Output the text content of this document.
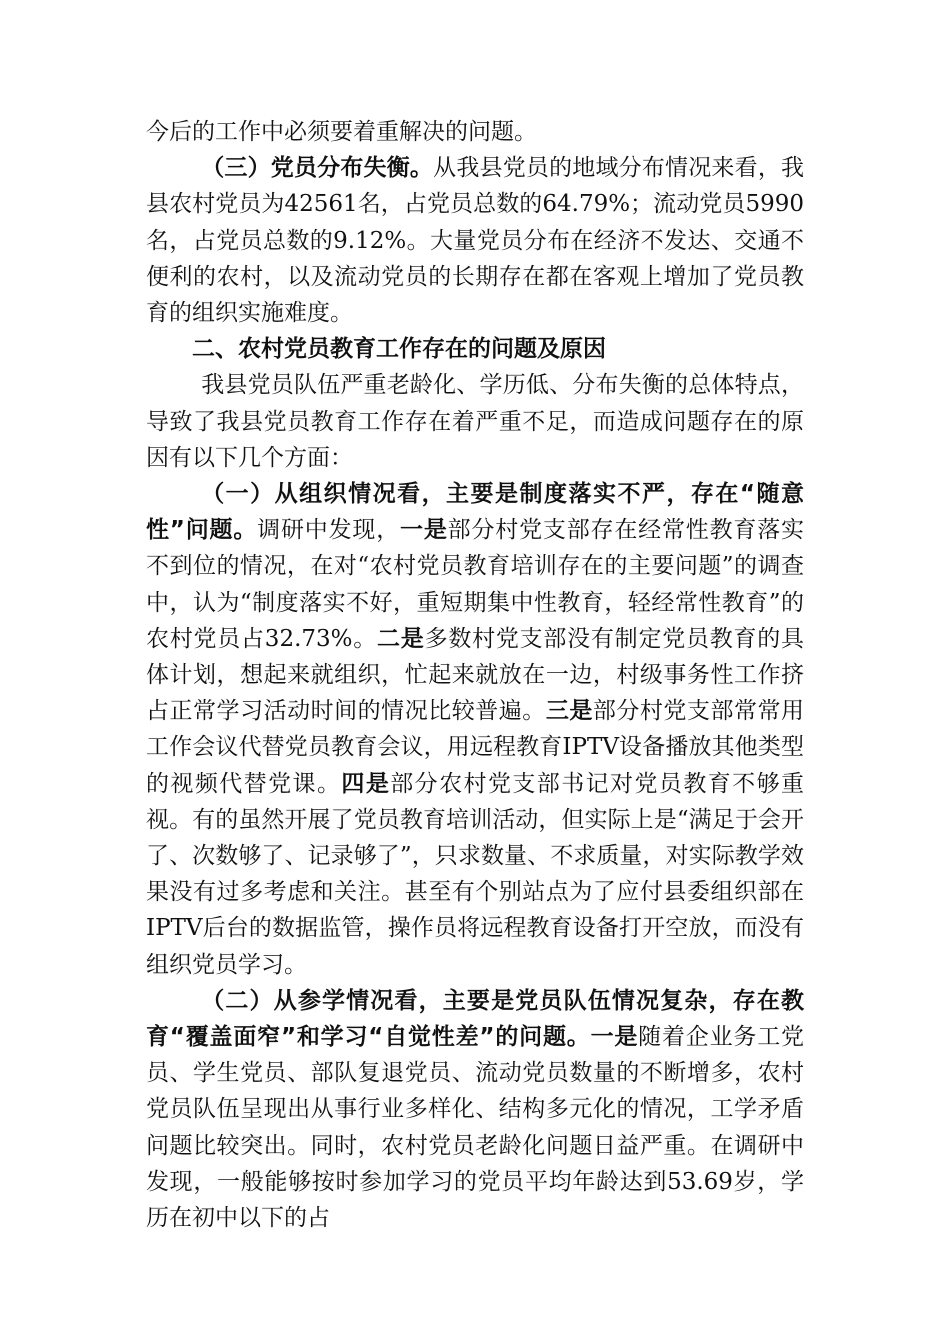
今后的工作中必须要着重解决的问题。

（三）党员分布失衡。从我县党员的地域分布情况来看，我县农村党员为42561名，占党员总数的64.79%；流动党员5990名，占党员总数的9.12%。大量党员分布在经济不发达、交通不便利的农村，以及流动党员的长期存在都在客观上增加了党员教育的组织实施难度。

二、农村党员教育工作存在的问题及原因

我县党员队伍严重老龄化、学历低、分布失衡的总体特点，导致了我县党员教育工作存在着严重不足，而造成问题存在的原因有以下几个方面：

（一）从组织情况看，主要是制度落实不严，存在“随意性”问题。调研中发现，一是部分村党支部存在经常性教育落实不到位的情况，在对“农村党员教育培训存在的主要问题”的调查中，认为“制度落实不好，重短期集中性教育，轻经常性教育”的农村党员占32.73%。二是多数村党支部没有制定党员教育的具体计划，想起来就组织，忙起来就放在一边，村级事务性工作挤占正常学习活动时间的情况比较普遍。三是部分村党支部常常用工作会议代替党员教育会议，用远程教育IPTV设备播放其他类型的视频代替党课。四是部分农村党支部书记对党员教育不够重视。有的虽然开展了党员教育培训活动，但实际上是“满足于会开了、次数够了、记录够了”，只求数量、不求质量，对实际教学效果没有过多考虑和关注。甚至有个别站点为了应付县委组织部在IPTV后台的数据监管，操作员将远程教育设备打开空放，而没有组织党员学习。

（二）从参学情况看，主要是党员队伍情况复杂，存在教育“覆盖面窄”和学习“自觉性差”的问题。一是随着企业务工党员、学生党员、部队复退党员、流动党员数量的不断增多，农村党员队伍呈现出从事行业多样化、结构多元化的情况，工学矛盾问题比较突出。同时，农村党员老龄化问题日益严重。在调研中发现，一般能够按时参加学习的党员平均年龄达到53.69岁，学历在初中以下的占
